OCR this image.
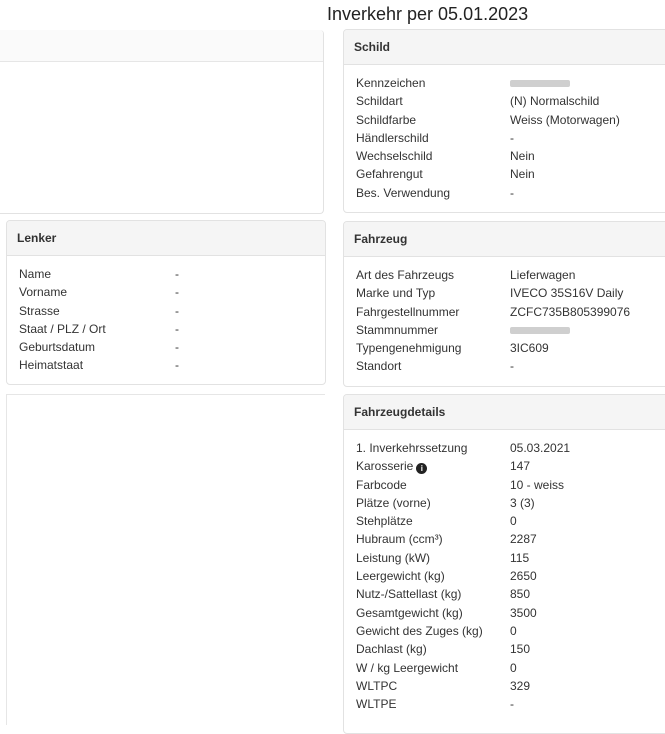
Inverkehr per 05.01.2023
Schild
Kennzeichen
Schildart	(N) Normalschild
Schildfarbe	Weiss (Motorwagen)
Händlerschild	-
Wechselschild	Nein
Gefahrengut	Nein
Bes. Verwendung	-
Lenker
Name	-
Vorname	-
Strasse	-
Staat / PLZ / Ort	-
Geburtsdatum	-
Heimatstaat	-
Fahrzeug
Art des Fahrzeugs	Lieferwagen
Marke und Typ	IVECO 35S16V Daily
Fahrgestellnummer	ZCFC735B805399076
Stammnummer
Typengenehmigung	3IC609
Standort	-
Fahrzeugdetails
1. Inverkehrssetzung	05.03.2021
Karosserie i	147
Farbcode	10 - weiss
Plätze (vorne)	3 (3)
Stehplätze	0
Hubraum (ccm³)	2287
Leistung (kW)	115
Leergewicht (kg)	2650
Nutz-/Sattellast (kg)	850
Gesamtgewicht (kg)	3500
Gewicht des Zuges (kg) 0
Dachlast (kg)	150
W / kg Leergewicht	0
WLTPC	329
WLTPE	-
